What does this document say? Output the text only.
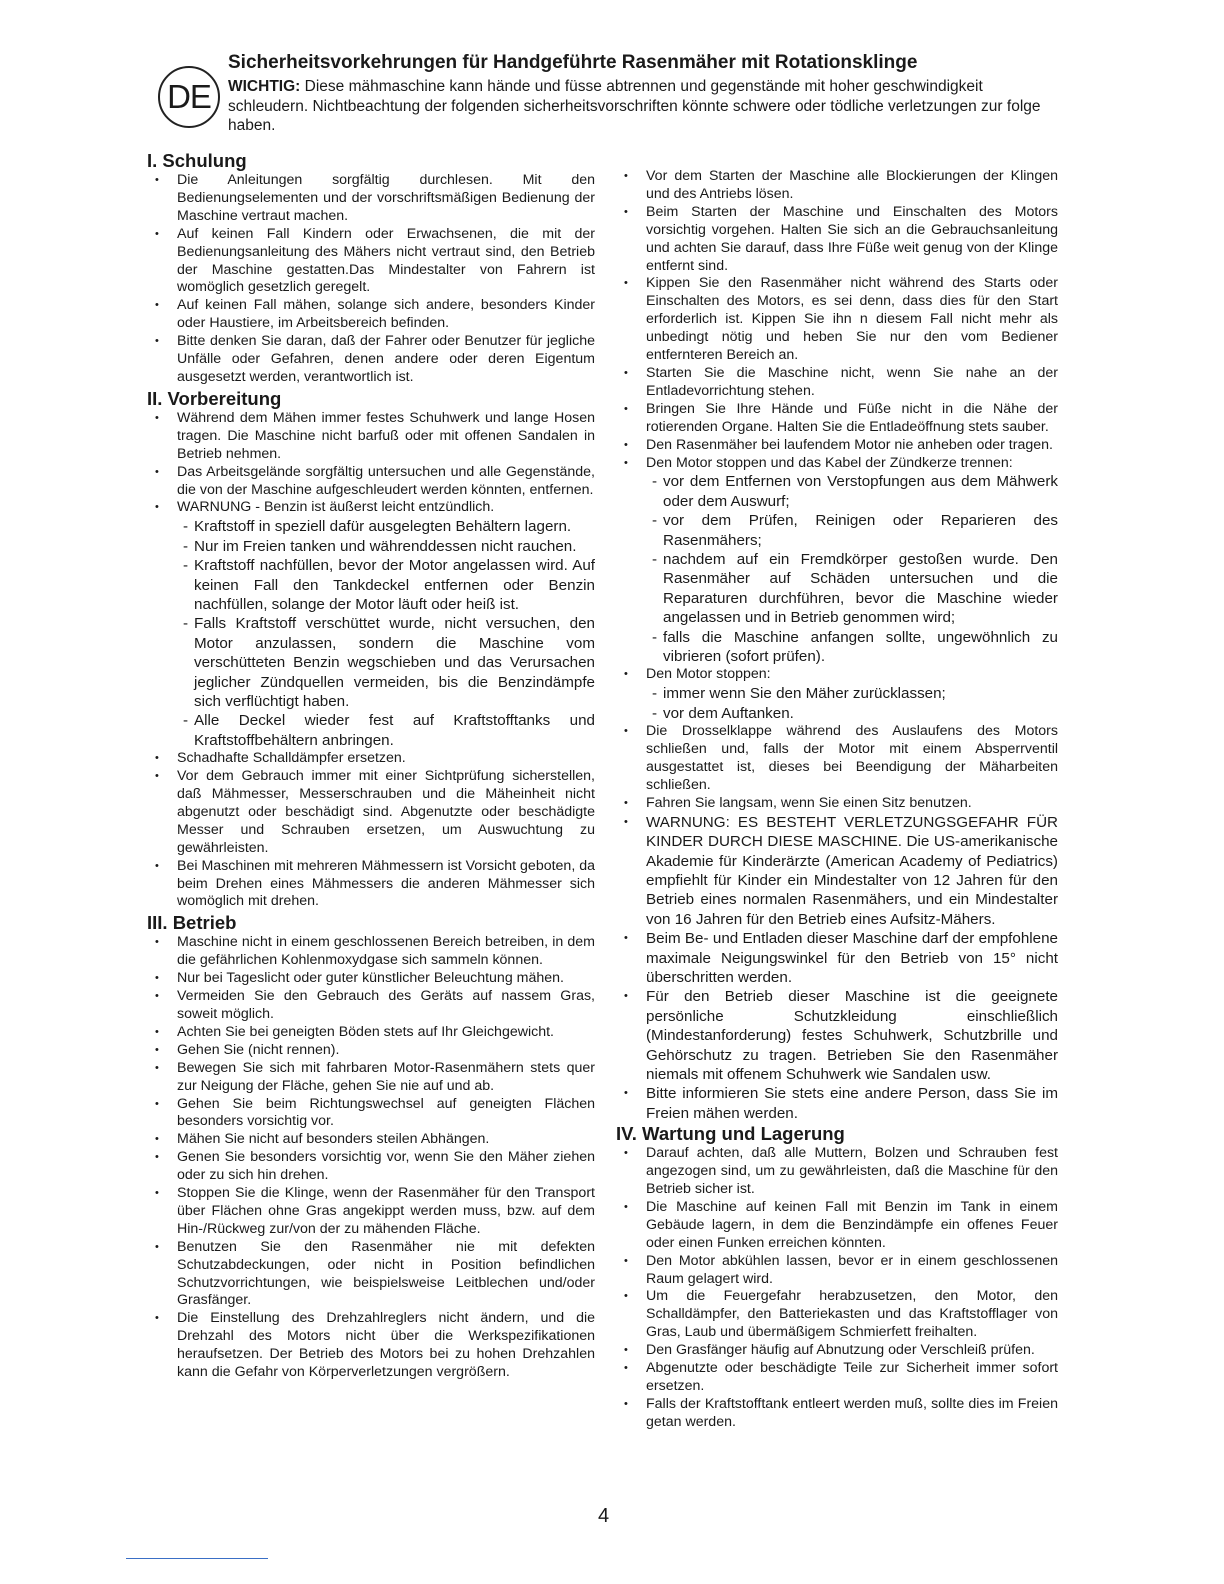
DE
Sicherheitsvorkehrungen für Handgeführte Rasenmäher mit Rotationsklinge
WICHTIG: Diese mähmaschine kann hände und füsse abtrennen und gegenstände mit hoher geschwindigkeit schleudern. Nichtbeachtung der folgenden sicherheitsvorschriften könnte schwere oder tödliche verletzungen zur folge haben.
I. Schulung
• Die Anleitungen sorgfältig durchlesen. Mit den Bedienungselementen und der vorschriftsmäßigen Bedienung der Maschine vertraut machen.
• Auf keinen Fall Kindern oder Erwachsenen, die mit der Bedienungsanleitung des Mähers nicht vertraut sind, den Betrieb der Maschine gestatten.Das Mindestalter von Fahrern ist womöglich gesetzlich geregelt.
• Auf keinen Fall mähen, solange sich andere, besonders Kinder oder Haustiere, im Arbeitsbereich befinden.
• Bitte denken Sie daran, daß der Fahrer oder Benutzer für jegliche Unfälle oder Gefahren, denen andere oder deren Eigentum ausgesetzt werden, verantwortlich ist.
II. Vorbereitung
• Während dem Mähen immer festes Schuhwerk und lange Hosen tragen. Die Maschine nicht barfuß oder mit offenen Sandalen in Betrieb nehmen.
• Das Arbeitsgelände sorgfältig untersuchen und alle Gegenstände, die von der Maschine aufgeschleudert werden könnten, entfernen.
• WARNUNG - Benzin ist äußerst leicht entzündlich.
- Kraftstoff in speziell dafür ausgelegten Behältern lagern.
- Nur im Freien tanken und währenddessen nicht rauchen.
- Kraftstoff nachfüllen, bevor der Motor angelassen wird. Auf keinen Fall den Tankdeckel entfernen oder Benzin nachfüllen, solange der Motor läuft oder heiß ist.
- Falls Kraftstoff verschüttet wurde, nicht versuchen, den Motor anzulassen, sondern die Maschine vom verschütteten Benzin wegschieben und das Verursachen jeglicher Zündquellen vermeiden, bis die Benzindämpfe sich verflüchtigt haben.
- Alle Deckel wieder fest auf Kraftstofftanks und Kraftstoffbehältern anbringen.
• Schadhafte Schalldämpfer ersetzen.
• Vor dem Gebrauch immer mit einer Sichtprüfung sicherstellen, daß Mähmesser, Messerschrauben und die Mäheinheit nicht abgenutzt oder beschädigt sind. Abgenutzte oder beschädigte Messer und Schrauben ersetzen, um Auswuchtung zu gewährleisten.
• Bei Maschinen mit mehreren Mähmessern ist Vorsicht geboten, da beim Drehen eines Mähmessers die anderen Mähmesser sich womöglich mit drehen.
III. Betrieb
• Maschine nicht in einem geschlossenen Bereich betreiben, in dem die gefährlichen Kohlenmoxydgase sich sammeln können.
• Nur bei Tageslicht oder guter künstlicher Beleuchtung mähen.
• Vermeiden Sie den Gebrauch des Geräts auf nassem Gras, soweit möglich.
• Achten Sie bei geneigten Böden stets auf Ihr Gleichgewicht.
• Gehen Sie (nicht rennen).
• Bewegen Sie sich mit fahrbaren Motor-Rasenmähern stets quer zur Neigung der Fläche, gehen Sie nie auf und ab.
• Gehen Sie beim Richtungswechsel auf geneigten Flächen besonders vorsichtig vor.
• Mähen Sie nicht auf besonders steilen Abhängen.
• Genen Sie besonders vorsichtig vor, wenn Sie den Mäher ziehen oder zu sich hin drehen.
• Stoppen Sie die Klinge, wenn der Rasenmäher für den Transport über Flächen ohne Gras angekippt werden muss, bzw. auf dem Hin-/Rückweg zur/von der zu mähenden Fläche.
• Benutzen Sie den Rasenmäher nie mit defekten Schutzabdeckungen, oder nicht in Position befindlichen Schutzvorrichtungen, wie beispielsweise Leitblechen und/oder Grasfänger.
• Die Einstellung des Drehzahlreglers nicht ändern, und die Drehzahl des Motors nicht über die Werkspezifikationen heraufsetzen. Der Betrieb des Motors bei zu hohen Drehzahlen kann die Gefahr von Körperverletzungen vergrößern.
• Vor dem Starten der Maschine alle Blockierungen der Klingen und des Antriebs lösen.
• Beim Starten der Maschine und Einschalten des Motors vorsichtig vorgehen. Halten Sie sich an die Gebrauchsanleitung und achten Sie darauf, dass Ihre Füße weit genug von der Klinge entfernt sind.
• Kippen Sie den Rasenmäher nicht während des Starts oder Einschalten des Motors, es sei denn, dass dies für den Start erforderlich ist. Kippen Sie ihn n diesem Fall nicht mehr als unbedingt nötig und heben Sie nur den vom Bediener entfernteren Bereich an.
• Starten Sie die Maschine nicht, wenn Sie nahe an der Entladevorrichtung stehen.
• Bringen Sie Ihre Hände und Füße nicht in die Nähe der rotierenden Organe. Halten Sie die Entladeöffnung stets sauber.
• Den Rasenmäher bei laufendem Motor nie anheben oder tragen.
• Den Motor stoppen und das Kabel der Zündkerze trennen:
- vor dem Entfernen von Verstopfungen aus dem Mähwerk oder dem Auswurf;
- vor dem Prüfen, Reinigen oder Reparieren des Rasenmähers;
- nachdem auf ein Fremdkörper gestoßen wurde. Den Rasenmäher auf Schäden untersuchen und die Reparaturen durchführen, bevor die Maschine wieder angelassen und in Betrieb genommen wird;
- falls die Maschine anfangen sollte, ungewöhnlich zu vibrieren (sofort prüfen).
• Den Motor stoppen:
- immer wenn Sie den Mäher zurücklassen;
- vor dem Auftanken.
• Die Drosselklappe während des Auslaufens des Motors schließen und, falls der Motor mit einem Absperrventil ausgestattet ist, dieses bei Beendigung der Mäharbeiten schließen.
• Fahren Sie langsam, wenn Sie einen Sitz benutzen.
• WARNUNG: ES BESTEHT VERLETZUNGSGEFAHR FÜR KINDER DURCH DIESE MASCHINE. Die US-amerikanische Akademie für Kinderärzte (American Academy of Pediatrics) empfiehlt für Kinder ein Mindestalter von 12 Jahren für den Betrieb eines normalen Rasenmähers, und ein Mindestalter von 16 Jahren für den Betrieb eines Aufsitz-Mähers.
• Beim Be- und Entladen dieser Maschine darf der empfohlene maximale Neigungswinkel für den Betrieb von 15° nicht überschritten werden.
• Für den Betrieb dieser Maschine ist die geeignete persönliche Schutzkleidung einschließlich (Mindestanforderung) festes Schuhwerk, Schutzbrille und Gehörschutz zu tragen. Betrieben Sie den Rasenmäher niemals mit offenem Schuhwerk wie Sandalen usw.
• Bitte informieren Sie stets eine andere Person, dass Sie im Freien mähen werden.
IV. Wartung und Lagerung
• Darauf achten, daß alle Muttern, Bolzen und Schrauben fest angezogen sind, um zu gewährleisten, daß die Maschine für den Betrieb sicher ist.
• Die Maschine auf keinen Fall mit Benzin im Tank in einem Gebäude lagern, in dem die Benzindämpfe ein offenes Feuer oder einen Funken erreichen könnten.
• Den Motor abkühlen lassen, bevor er in einem geschlossenen Raum gelagert wird.
• Um die Feuergefahr herabzusetzen, den Motor, den Schalldämpfer, den Batteriekasten und das Kraftstofflager von Gras, Laub und übermäßigem Schmierfett freihalten.
• Den Grasfänger häufig auf Abnutzung oder Verschleiß prüfen.
• Abgenutzte oder beschädigte Teile zur Sicherheit immer sofort ersetzen.
• Falls der Kraftstofftank entleert werden muß, sollte dies im Freien getan werden.
4
